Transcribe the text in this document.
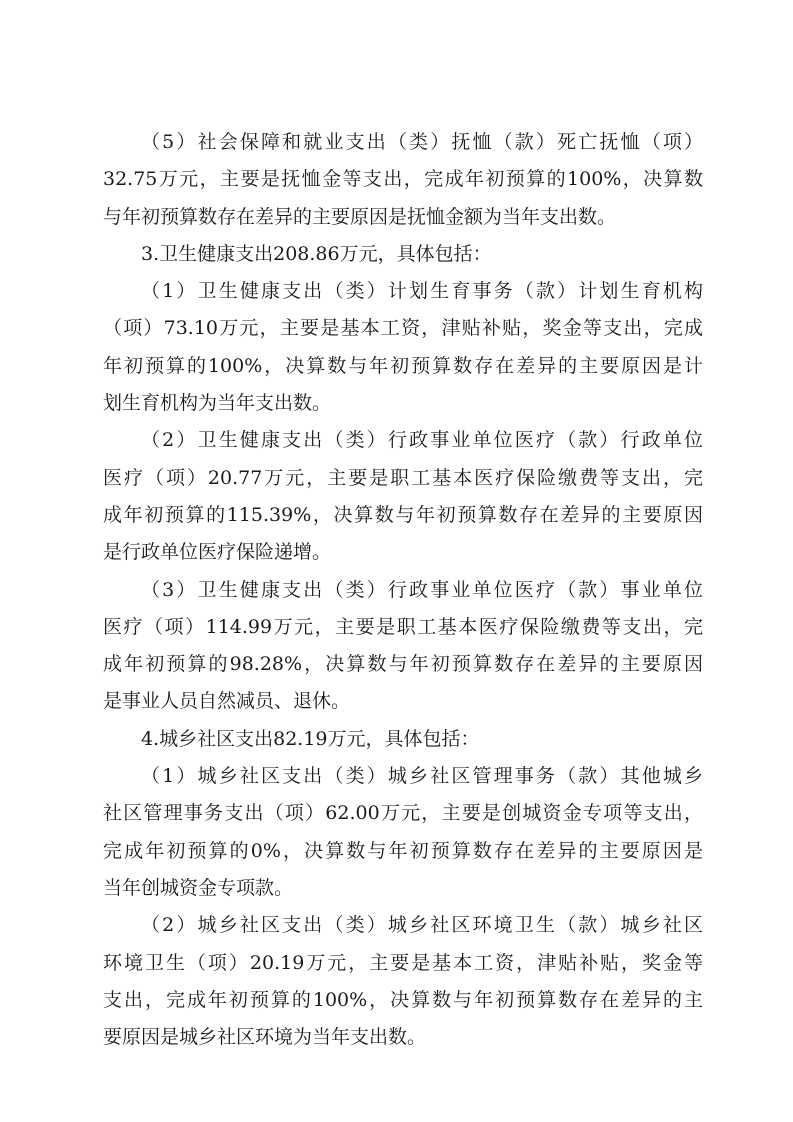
（5）社会保障和就业支出（类）抚恤（款）死亡抚恤（项）
32.75万元，主要是抚恤金等支出，完成年初预算的100%，决算数
与年初预算数存在差异的主要原因是抚恤金额为当年支出数。
3.卫生健康支出208.86万元，具体包括：
（1）卫生健康支出（类）计划生育事务（款）计划生育机构
（项）73.10万元，主要是基本工资，津贴补贴，奖金等支出，完成
年初预算的100%，决算数与年初预算数存在差异的主要原因是计
划生育机构为当年支出数。
（2）卫生健康支出（类）行政事业单位医疗（款）行政单位
医疗（项）20.77万元，主要是职工基本医疗保险缴费等支出，完
成年初预算的115.39%，决算数与年初预算数存在差异的主要原因
是行政单位医疗保险递增。
（3）卫生健康支出（类）行政事业单位医疗（款）事业单位
医疗（项）114.99万元，主要是职工基本医疗保险缴费等支出，完
成年初预算的98.28%，决算数与年初预算数存在差异的主要原因
是事业人员自然减员、退休。
4.城乡社区支出82.19万元，具体包括：
（1）城乡社区支出（类）城乡社区管理事务（款）其他城乡
社区管理事务支出（项）62.00万元，主要是创城资金专项等支出，
完成年初预算的0%，决算数与年初预算数存在差异的主要原因是
当年创城资金专项款。
（2）城乡社区支出（类）城乡社区环境卫生（款）城乡社区
环境卫生（项）20.19万元，主要是基本工资，津贴补贴，奖金等
支出，完成年初预算的100%，决算数与年初预算数存在差异的主
要原因是城乡社区环境为当年支出数。
